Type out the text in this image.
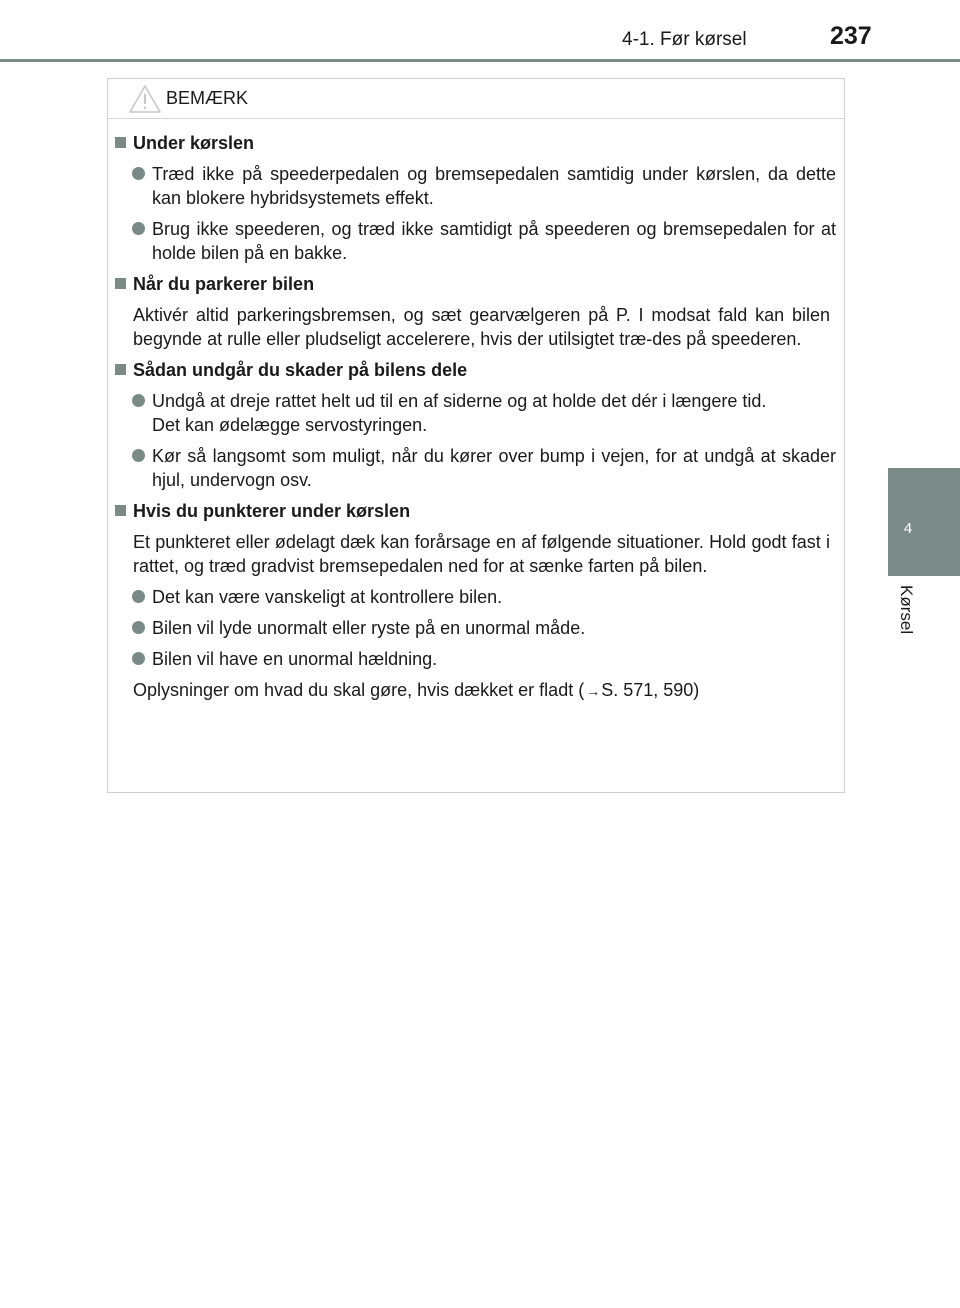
4-1. Før kørsel	237
4
Kørsel
BEMÆRK
Under kørslen
Træd ikke på speederpedalen og bremsepedalen samtidig under kørslen, da dette kan blokere hybridsystemets effekt.
Brug ikke speederen, og træd ikke samtidigt på speederen og bremsepedalen for at holde bilen på en bakke.
Når du parkerer bilen
Aktivér altid parkeringsbremsen, og sæt gearvælgeren på P. I modsat fald kan bilen begynde at rulle eller pludseligt accelerere, hvis der utilsigtet træ-des på speederen.
Sådan undgår du skader på bilens dele
Undgå at dreje rattet helt ud til en af siderne og at holde det dér i længere tid.
Det kan ødelægge servostyringen.
Kør så langsomt som muligt, når du kører over bump i vejen, for at undgå at skader hjul, undervogn osv.
Hvis du punkterer under kørslen
Et punkteret eller ødelagt dæk kan forårsage en af følgende situationer. Hold godt fast i rattet, og træd gradvist bremsepedalen ned for at sænke farten på bilen.
Det kan være vanskeligt at kontrollere bilen.
Bilen vil lyde unormalt eller ryste på en unormal måde.
Bilen vil have en unormal hældning.
Oplysninger om hvad du skal gøre, hvis dækket er fladt ( →S. 571, 590)
